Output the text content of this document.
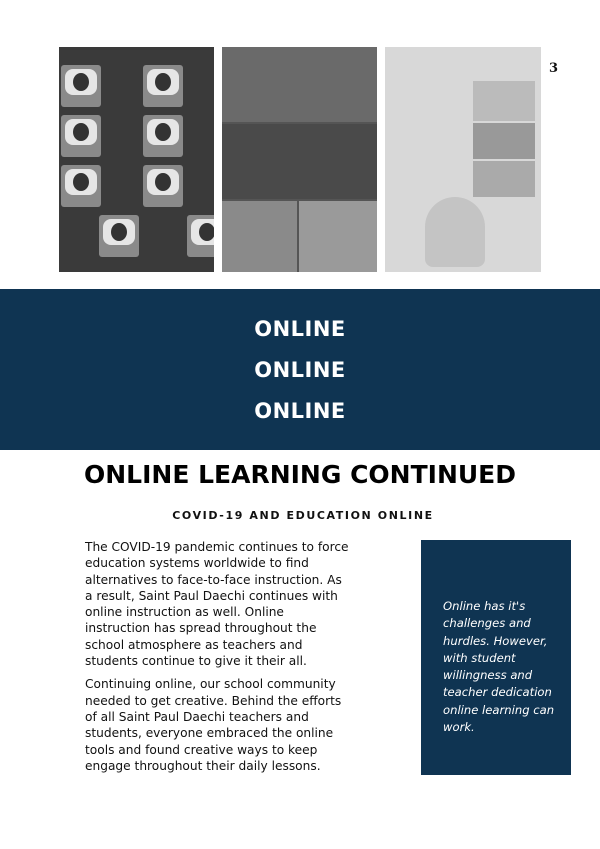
3
ONLINE
ONLINE
ONLINE
ONLINE LEARNING CONTINUED
COVID-19 AND EDUCATION ONLINE

The COVID-19 pandemic continues to force education systems worldwide to find alternatives to face-to-face instruction. As a result, Saint Paul Daechi continues with online instruction as well. Online instruction has spread throughout the school atmosphere as teachers and students continue to give it their all.

Continuing online, our school community needed to get creative. Behind the efforts of all Saint Paul Daechi teachers and students, everyone embraced the online tools and found creative ways to keep engage throughout their daily lessons.

Online has it's challenges and hurdles. However, with student willingness and teacher dedication online learning can work.
